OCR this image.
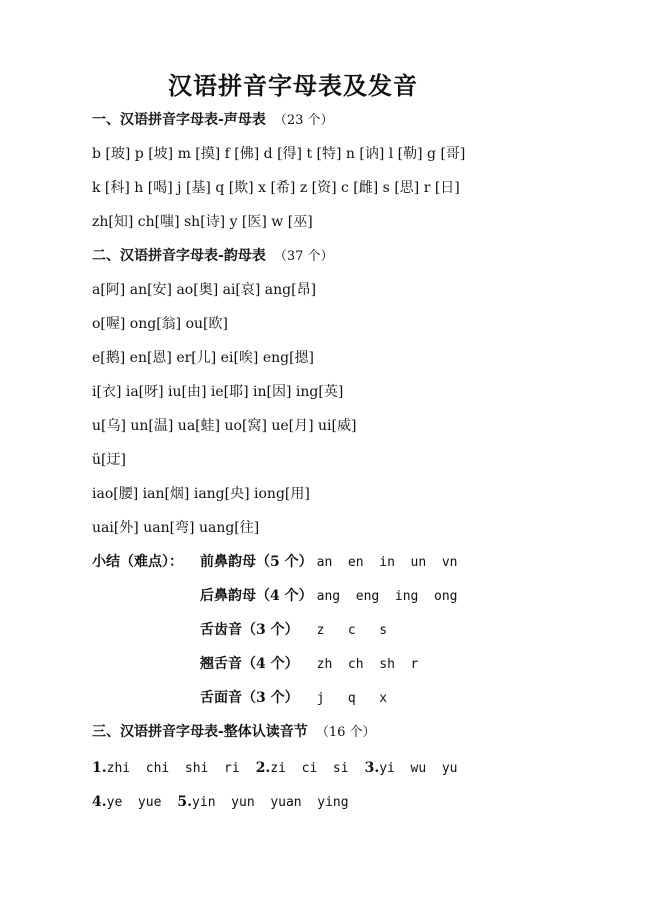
汉语拼音字母表及发音
一、汉语拼音字母表-声母表 （23 个）
b [玻] p [坡] m [摸] f [佛] d [得] t [特] n [讷] l [勒] g [哥]
k [科] h [喝] j [基] q [欺] x [希] z [资] c [雌] s [思] r [日]
zh[知] ch[嗤] sh[诗] y [医] w [巫]
二、汉语拼音字母表-韵母表 （37 个）
a[阿] an[安] ao[奥] ai[哀] ang[昂]
o[喔] ong[翁] ou[欧]
e[鹅] en[恩] er[儿] ei[唉] eng[摁]
i[衣] ia[呀] iu[由] ie[耶] in[因] ing[英]
u[乌] un[温] ua[蛙] uo[窝] ue[月] ui[威]
ü[迂]
iao[腰] ian[烟] iang[央] iong[用]
uai[外] uan[弯] uang[往]
小结（难点）： 前鼻韵母（5 个） an  en  in  un  vn
后鼻韵母（4 个） ang  eng  ing  ong
舌齿音（3 个） z   c   s
翘舌音（4 个） zh  ch  sh  r
舌面音（3 个） j   q   x
三、汉语拼音字母表-整体认读音节 （16 个）
1.zhi  chi  shi  ri 2.zi  ci  si 3.yi  wu  yu
4.ye  yue 5.yin  yun  yuan  ying
